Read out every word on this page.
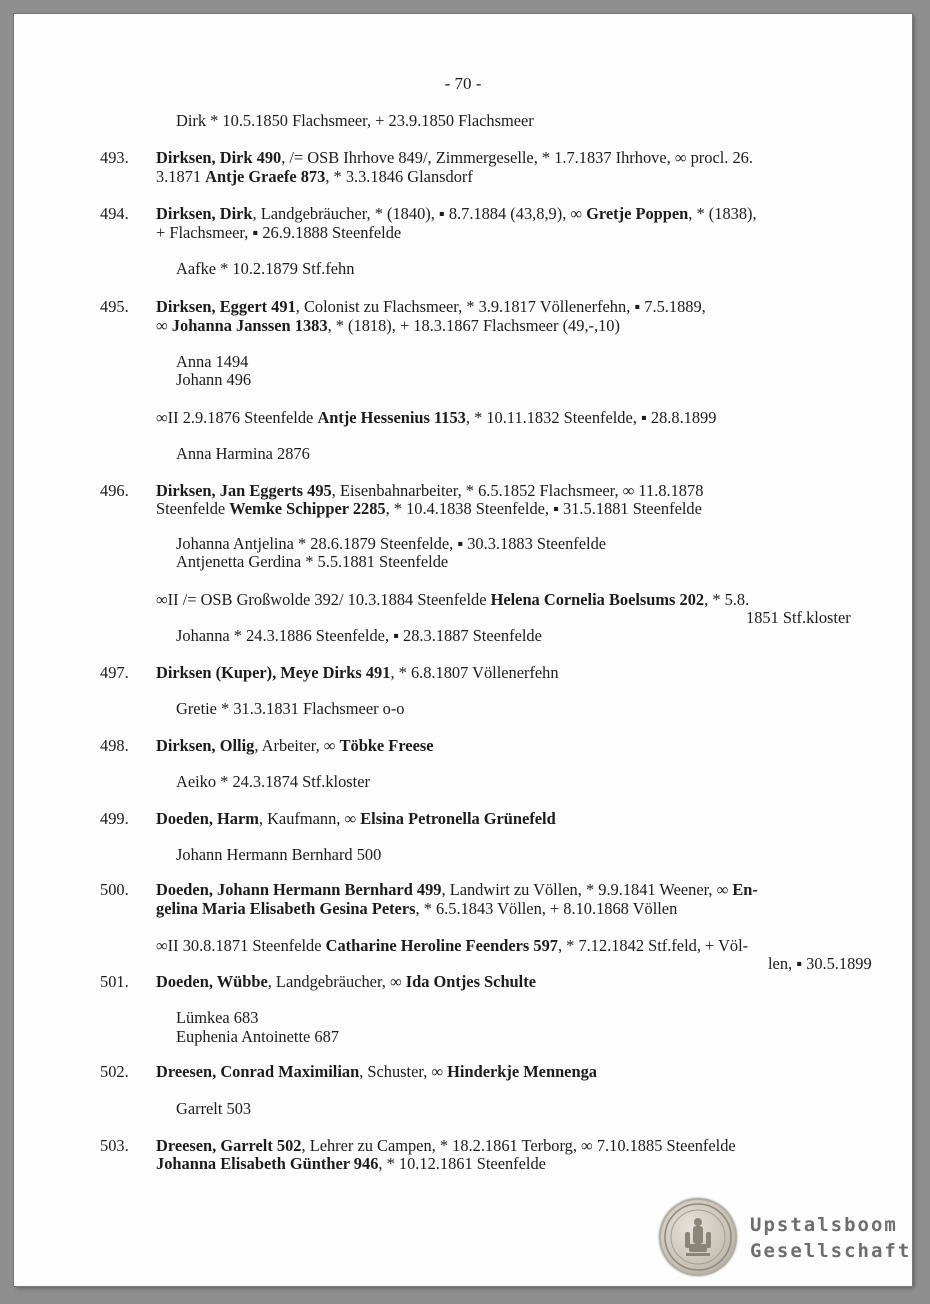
- 70 -
Dirk * 10.5.1850 Flachsmeer, + 23.9.1850 Flachsmeer
493. Dirksen, Dirk 490, /= OSB Ihrhove 849/, Zimmergeselle, * 1.7.1837 Ihrhove, ∞ procl. 26.
3.1871 Antje Graefe 873, * 3.3.1846 Glansdorf
494. Dirksen, Dirk, Landgebräucher, * (1840), ▪ 8.7.1884 (43,8,9), ∞ Gretje Poppen, * (1838),
+ Flachsmeer, ▪ 26.9.1888 Steenfelde
Aafke * 10.2.1879 Stf.fehn
495. Dirksen, Eggert 491, Colonist zu Flachsmeer, * 3.9.1817 Völlenerfehn, ▪ 7.5.1889,
∞ Johanna Janssen 1383, * (1818), + 18.3.1867 Flachsmeer (49,-,10)
Anna 1494
Johann 496
∞II 2.9.1876 Steenfelde Antje Hessenius 1153, * 10.11.1832 Steenfelde, ▪ 28.8.1899
Anna Harmina 2876
496. Dirksen, Jan Eggerts 495, Eisenbahnarbeiter, * 6.5.1852 Flachsmeer, ∞ 11.8.1878
Steenfelde Wemke Schipper 2285, * 10.4.1838 Steenfelde, ▪ 31.5.1881 Steenfelde
Johanna Antjelina * 28.6.1879 Steenfelde, ▪ 30.3.1883 Steenfelde
Antjenetta Gerdina * 5.5.1881 Steenfelde
∞II /= OSB Großwolde 392/ 10.3.1884 Steenfelde Helena Cornelia Boelsums 202, * 5.8.
1851 Stf.kloster
Johanna * 24.3.1886 Steenfelde, ▪ 28.3.1887 Steenfelde
497. Dirksen (Kuper), Meye Dirks 491, * 6.8.1807 Völlenerfehn
Gretie * 31.3.1831 Flachsmeer o-o
498. Dirksen, Ollig, Arbeiter, ∞ Töbke Freese
Aeiko * 24.3.1874 Stf.kloster
499. Doeden, Harm, Kaufmann, ∞ Elsina Petronella Grünefeld
Johann Hermann Bernhard 500
500. Doeden, Johann Hermann Bernhard 499, Landwirt zu Völlen, * 9.9.1841 Weener, ∞ En-
gelina Maria Elisabeth Gesina Peters, * 6.5.1843 Völlen, + 8.10.1868 Völlen
∞II 30.8.1871 Steenfelde Catharine Heroline Feenders 597, * 7.12.1842 Stf.feld, + Völ-
len, ▪ 30.5.1899
501. Doeden, Wübbe, Landgebräucher, ∞ Ida Ontjes Schulte
Lümkea 683
Euphenia Antoinette 687
502. Dreesen, Conrad Maximilian, Schuster, ∞ Hinderkje Mennenga
Garrelt 503
503. Dreesen, Garrelt 502, Lehrer zu Campen, * 18.2.1861 Terborg, ∞ 7.10.1885 Steenfelde
Johanna Elisabeth Günther 946, * 10.12.1861 Steenfelde
Upstalsboom
Gesellschaft
